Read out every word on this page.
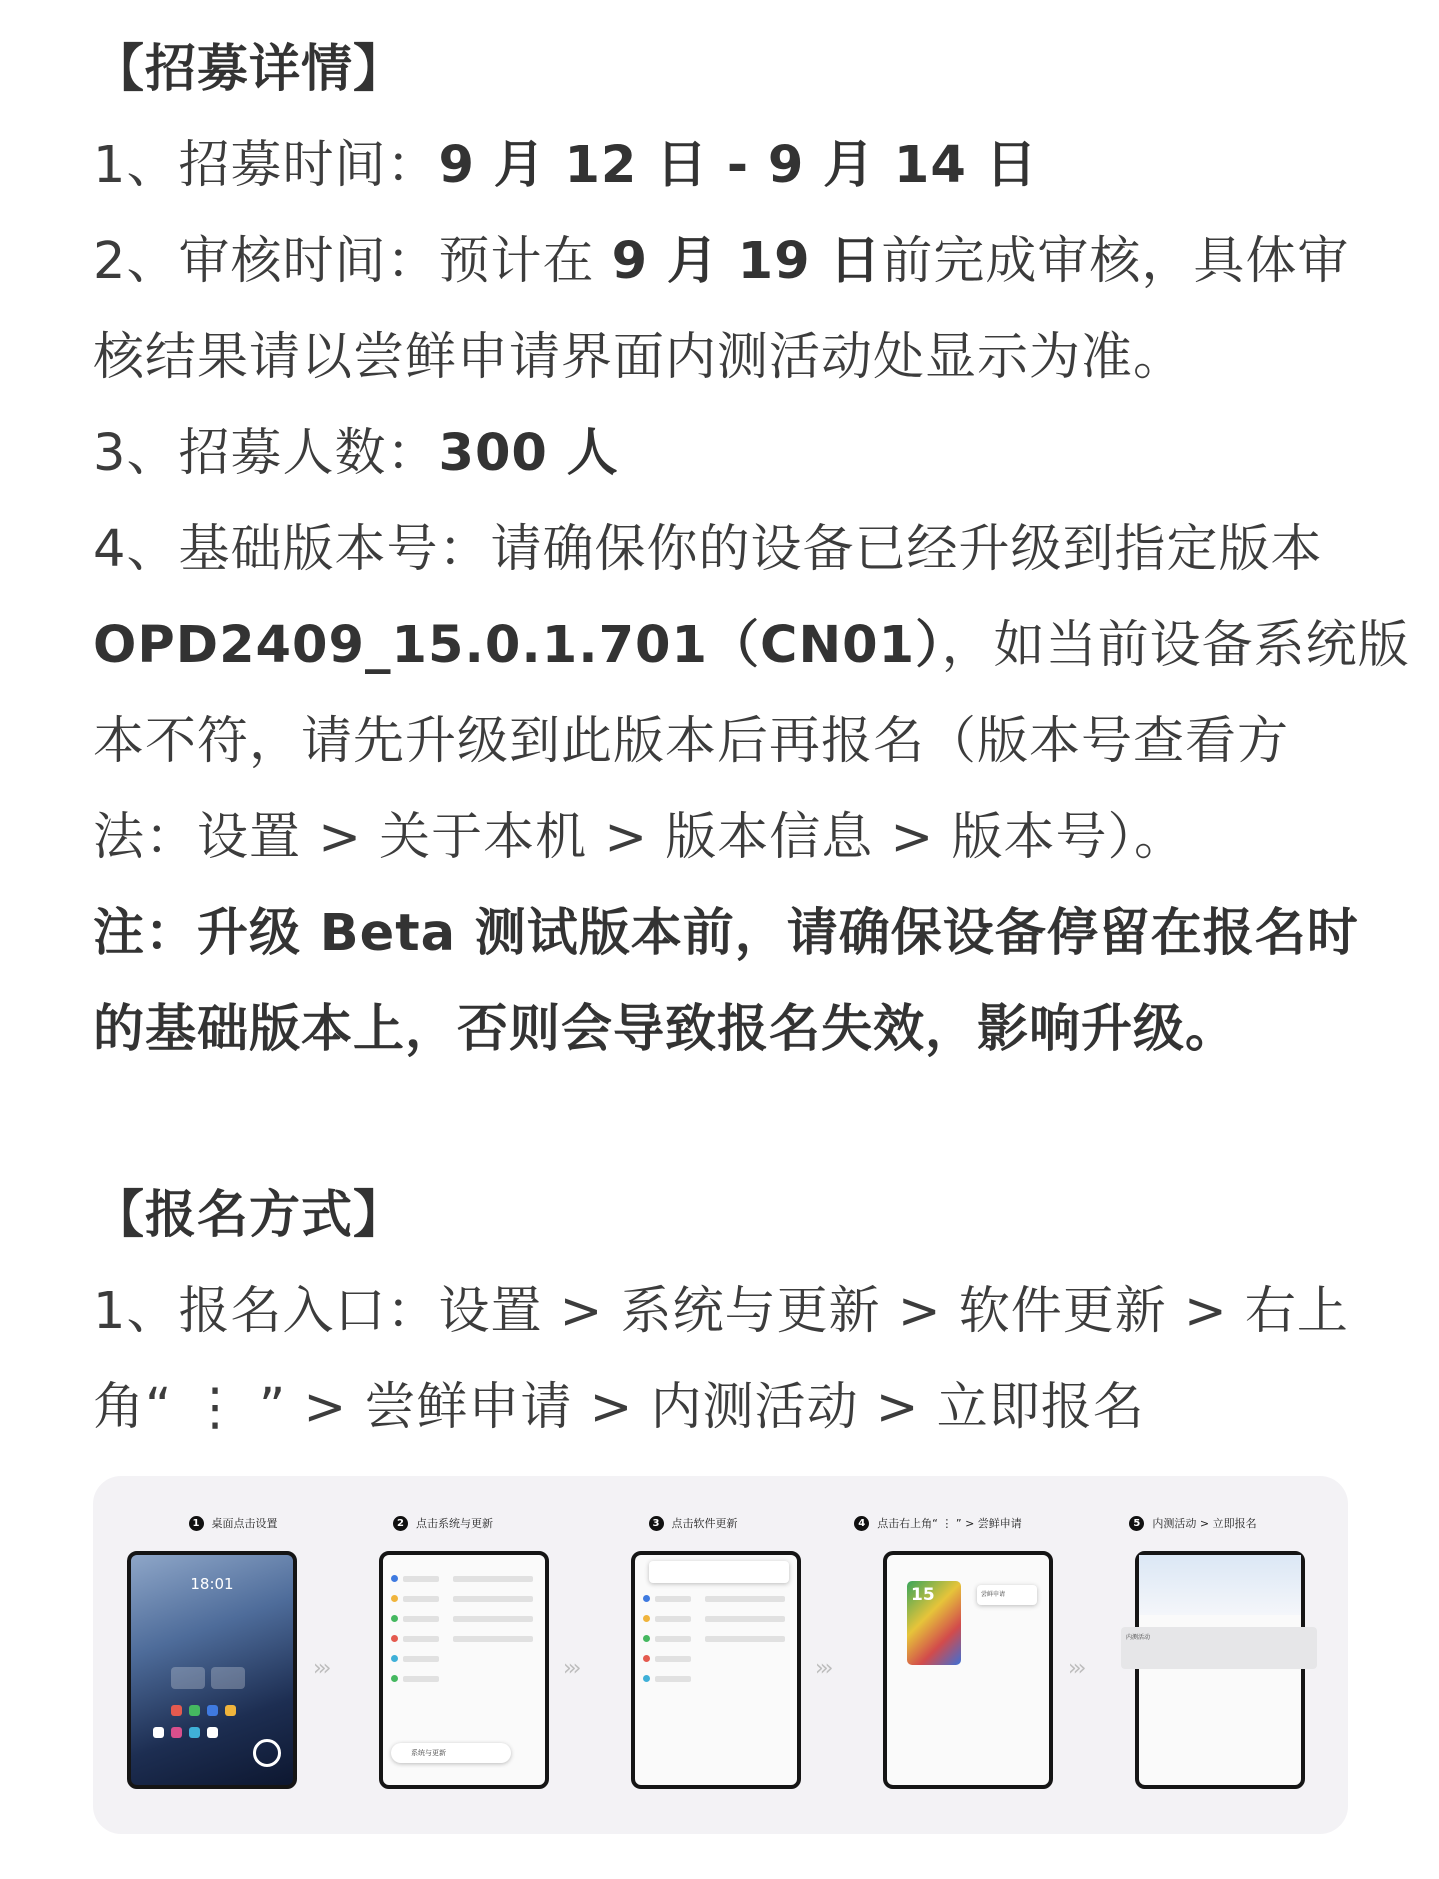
【招募详情】

1、招募时间：9 月 12 日 - 9 月 14 日

2、审核时间：预计在 9 月 19 日前完成审核，具体审

核结果请以尝鲜申请界面内测活动处显示为准。

3、招募人数：300 人

4、基础版本号：请确保你的设备已经升级到指定版本

OPD2409_15.0.1.701（CN01），如当前设备系统版

本不符，请先升级到此版本后再报名（版本号查看方

法：设置 > 关于本机 > 版本信息 > 版本号）。

注：升级 Beta 测试版本前，请确保设备停留在报名时

的基础版本上，否则会导致报名失效，影响升级。

【报名方式】

1、报名入口：设置 > 系统与更新 > 软件更新 > 右上

角“ ⋮ ” > 尝鲜申请 > 内测活动 > 立即报名

1	桌面点击设置
18:01
›››
2	点击系统与更新
系统与更新
›››
3	点击软件更新
›››
4	点击右上角“ ⋮ ” > 尝鲜申请
15	尝鲜申请
›››
5	内测活动 > 立即报名
内测活动
